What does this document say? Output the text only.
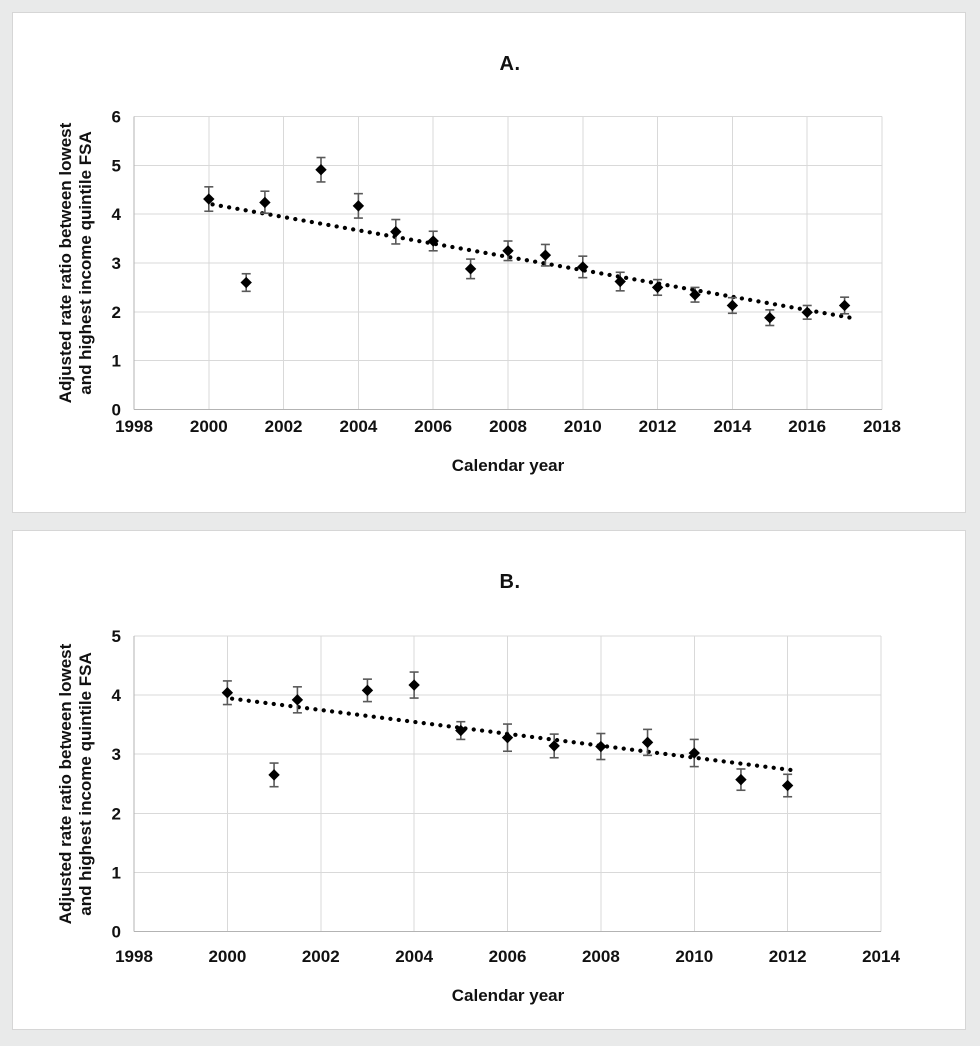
0
1
2
3
4
5
6
1998 2000 2002 2004 2006 2008 2010 2012 2014 2016 2018
A.
Adjusted rate ratio between lowest and highest income quintile FSA
Calendar year
0
1
2
3
4
5
1998	2000	2002	2004	2006	2008	2010	2012	2014
B.
Adjusted rate ratio between lowest and highest income quintile FSA
Calendar year
